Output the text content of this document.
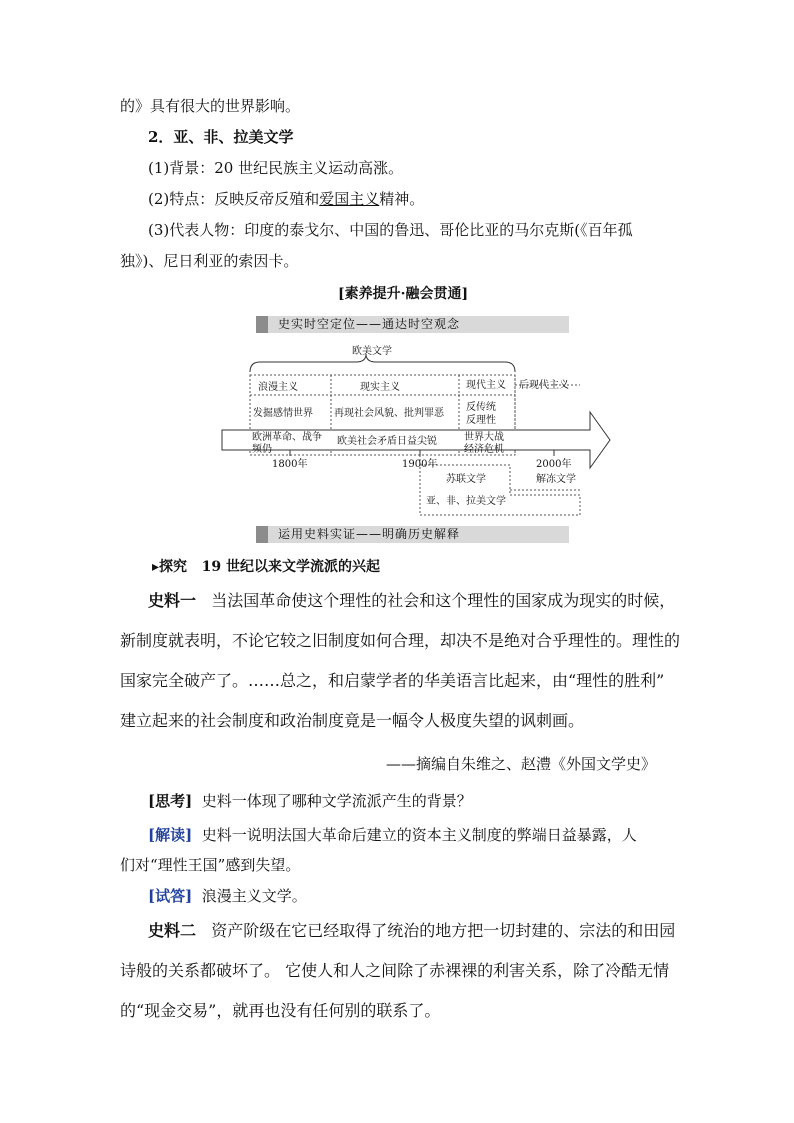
的》具有很大的世界影响。
2．亚、非、拉美文学
(1)背景：20 世纪民族主义运动高涨。
(2)特点：反映反帝反殖和爱国主义精神。
(3)代表人物：印度的泰戈尔、中国的鲁迅、哥伦比亚的马尔克斯(《百年孤
独》)、尼日利亚的索因卡。
[素养提升·融会贯通]
史实时空定位——通达时空观念
欧美文学
浪漫主义	现实主义	现代主义 后现代主义
发掘感情世界 再现社会风貌、批判罪恶
反传统
反理性
欧洲革命、战争
频仍
欧美社会矛盾日益尖锐	世界大战
经济危机
1800年	1900年	2000年
苏联文学	解冻文学
亚、非、拉美文学
运用史料实证——明确历史解释
▸探究 19 世纪以来文学流派的兴起
史料一 当法国革命使这个理性的社会和这个理性的国家成为现实的时候，
新制度就表明，不论它较之旧制度如何合理，却决不是绝对合乎理性的。理性的
国家完全破产了。……总之，和启蒙学者的华美语言比起来，由“理性的胜利”
建立起来的社会制度和政治制度竟是一幅令人极度失望的讽刺画。
——摘编自朱维之、赵澧《外国文学史》
[思考] 史料一体现了哪种文学流派产生的背景？
[解读] 史料一说明法国大革命后建立的资本主义制度的弊端日益暴露，人
们对“理性王国”感到失望。
[试答] 浪漫主义文学。
史料二 资产阶级在它已经取得了统治的地方把一切封建的、宗法的和田园
诗般的关系都破坏了。 它使人和人之间除了赤裸裸的利害关系，除了冷酷无情
的“现金交易”，就再也没有任何别的联系了。
